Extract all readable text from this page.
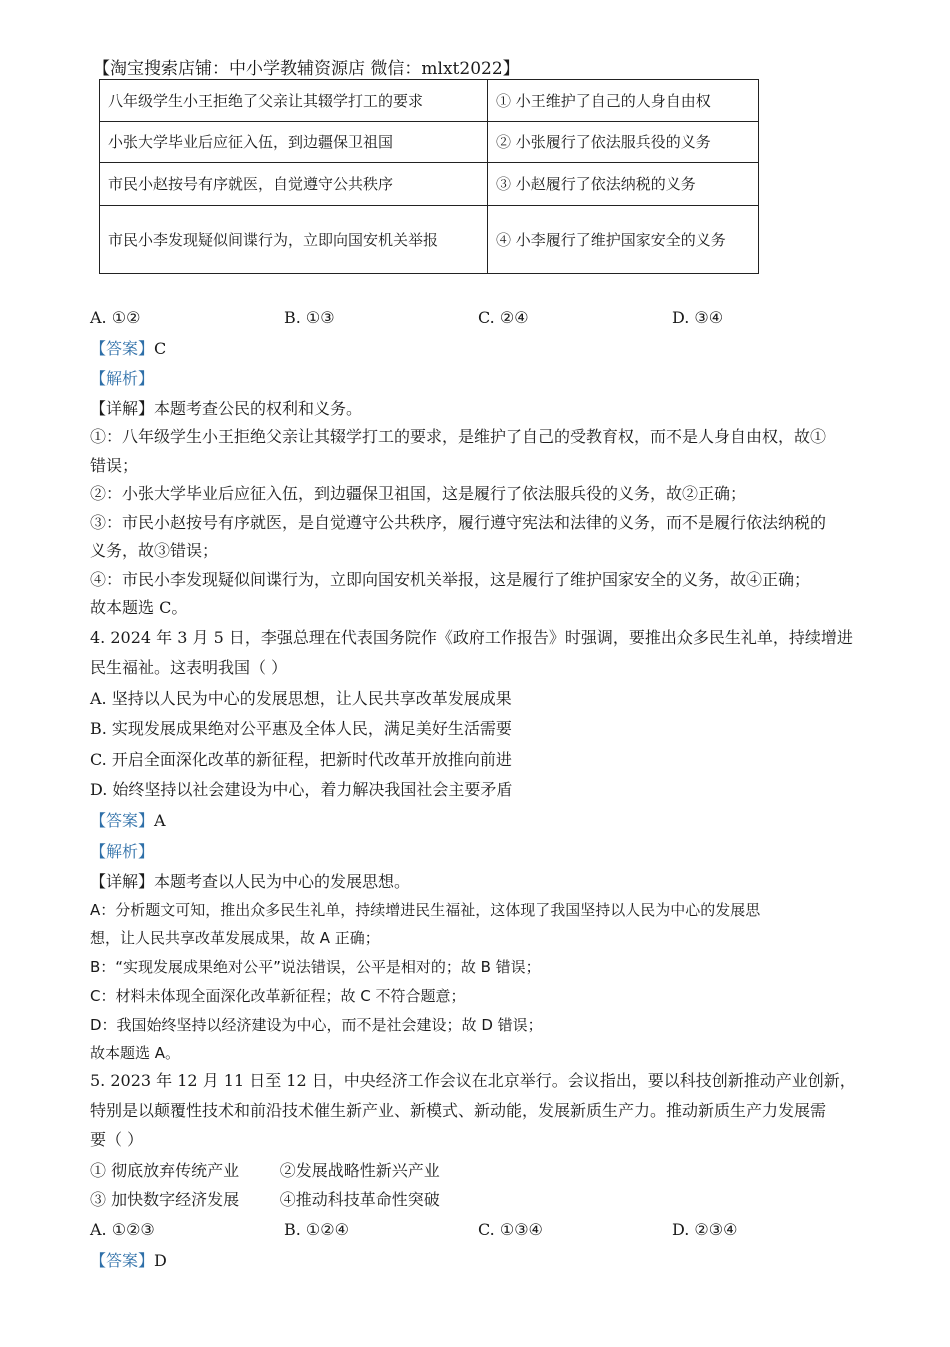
【淘宝搜索店铺：中小学教辅资源店 微信：mlxt2022】
八年级学生小王拒绝了父亲让其辍学打工的要求	① 小王维护了自己的人身自由权
小张大学毕业后应征入伍，到边疆保卫祖国	② 小张履行了依法服兵役的义务
市民小赵按号有序就医，自觉遵守公共秩序	③ 小赵履行了依法纳税的义务
市民小李发现疑似间谍行为，立即向国安机关举报	④ 小李履行了维护国家安全的义务
A. ①②	B. ①③	C. ②④	D. ③④
【答案】C
【解析】
【详解】本题考查公民的权利和义务。
①：八年级学生小王拒绝父亲让其辍学打工的要求，是维护了自己的受教育权，而不是人身自由权，故①
错误；
②：小张大学毕业后应征入伍，到边疆保卫祖国，这是履行了依法服兵役的义务，故②正确；
③：市民小赵按号有序就医，是自觉遵守公共秩序，履行遵守宪法和法律的义务，而不是履行依法纳税的
义务，故③错误；
④：市民小李发现疑似间谍行为，立即向国安机关举报，这是履行了维护国家安全的义务，故④正确；
故本题选 C。
4. 2024 年 3 月 5 日，李强总理在代表国务院作《政府工作报告》时强调，要推出众多民生礼单，持续增进
民生福祉。这表明我国（ ）
A. 坚持以人民为中心的发展思想，让人民共享改革发展成果
B. 实现发展成果绝对公平惠及全体人民，满足美好生活需要
C. 开启全面深化改革的新征程，把新时代改革开放推向前进
D. 始终坚持以社会建设为中心，着力解决我国社会主要矛盾
【答案】A
【解析】
【详解】本题考查以人民为中心的发展思想。
A：分析题文可知，推出众多民生礼单，持续增进民生福祉，这体现了我国坚持以人民为中心的发展思
想，让人民共享改革发展成果，故 A 正确；
B：“实现发展成果绝对公平”说法错误，公平是相对的；故 B 错误；
C：材料未体现全面深化改革新征程；故 C 不符合题意；
D：我国始终坚持以经济建设为中心，而不是社会建设；故 D 错误；
故本题选 A。
5. 2023 年 12 月 11 日至 12 日，中央经济工作会议在北京举行。会议指出，要以科技创新推动产业创新，
特别是以颠覆性技术和前沿技术催生新产业、新模式、新动能，发展新质生产力。推动新质生产力发展需
要（ ）
① 彻底放弃传统产业        ②发展战略性新兴产业
③ 加快数字经济发展        ④推动科技革命性突破
A. ①②③	B. ①②④	C. ①③④	D. ②③④
【答案】D
